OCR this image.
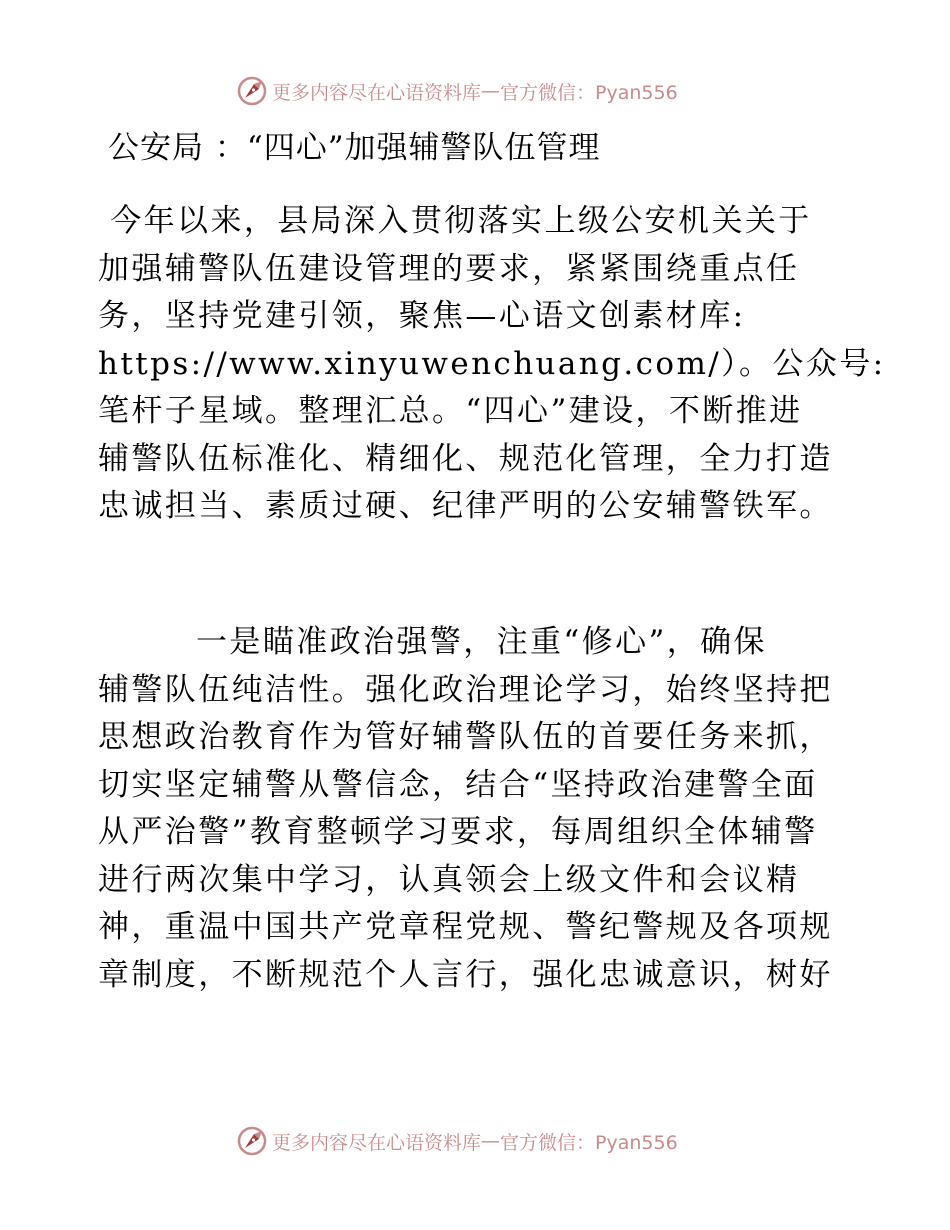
更多内容尽在心语资料库 — 官方微信：Pyan556
公安局 ：“四心”加强辅警队伍管理
今年以来，县局深入贯彻落实上级公安机关关于
加强辅警队伍建设管理的要求，紧紧围绕重点任
务，坚持党建引领，聚焦—心语文创素材库:
https://www.xinyuwenchuang.com/）。公众号:
笔杆子星域。整理汇总。“四心”建设，不断推进
辅警队伍标准化、精细化、规范化管理，全力打造
忠诚担当、素质过硬、纪律严明的公安辅警铁军。
一是瞄准政治强警，注重“修心”，确保
辅警队伍纯洁性。强化政治理论学习，始终坚持把
思想政治教育作为管好辅警队伍的首要任务来抓，
切实坚定辅警从警信念，结合“坚持政治建警全面
从严治警”教育整顿学习要求，每周组织全体辅警
进行两次集中学习，认真领会上级文件和会议精
神，重温中国共产党章程党规、警纪警规及各项规
章制度，不断规范个人言行，强化忠诚意识，树好
更多内容尽在心语资料库 — 官方微信：Pyan556
